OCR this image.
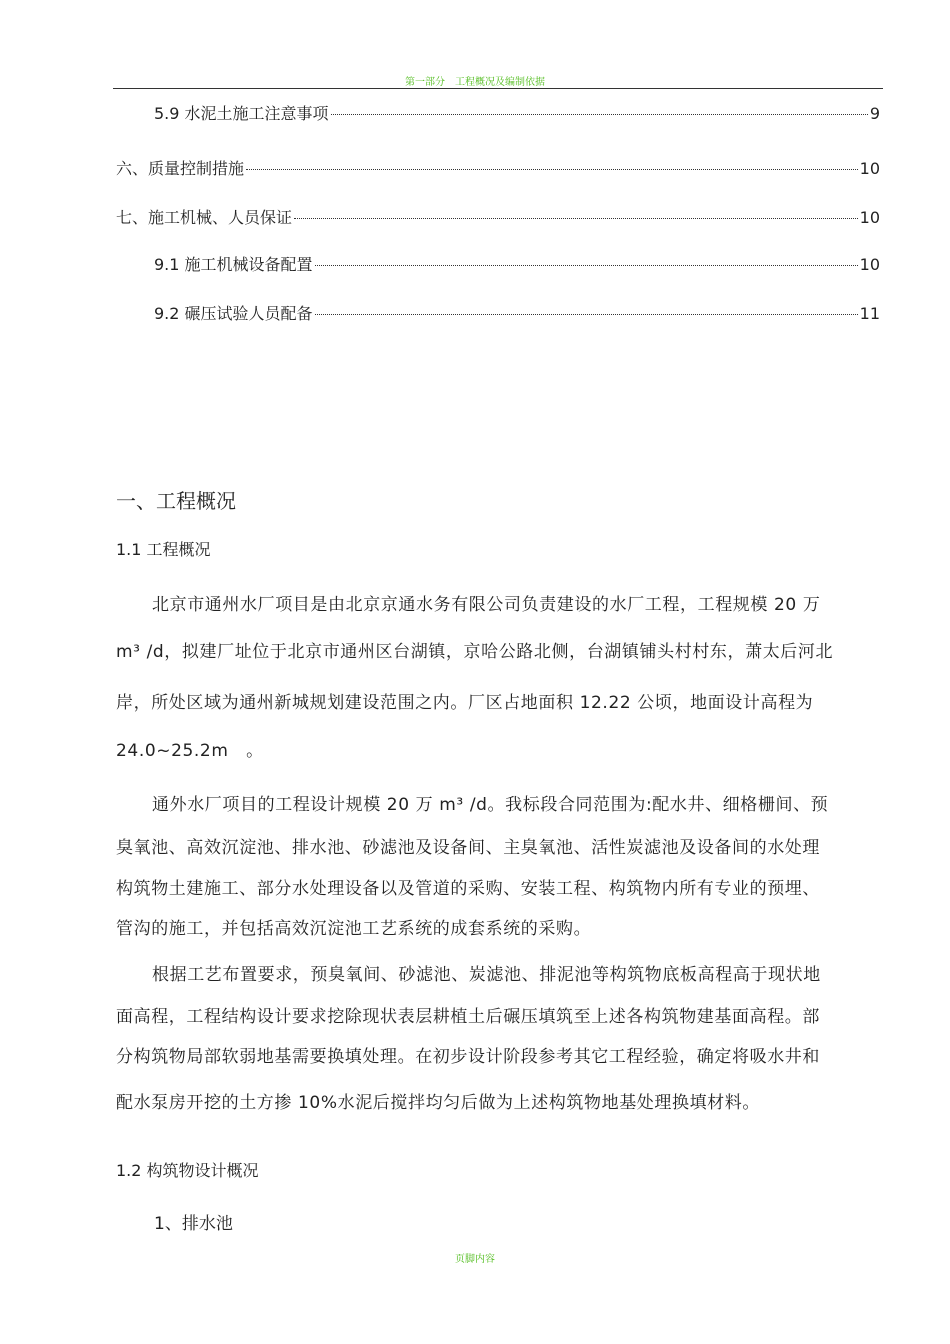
第一部分　工程概况及编制依据
5.9 水泥土施工注意事项	9
六、质量控制措施	10
七、施工机械、人员保证	10
9.1 施工机械设备配置	10
9.2 碾压试验人员配备	11
一、工程概况
1.1 工程概况
北京市通州水厂项目是由北京京通水务有限公司负责建设的水厂工程，工程规模 20 万
m³ /d，拟建厂址位于北京市通州区台湖镇，京哈公路北侧，台湖镇铺头村村东，萧太后河北
岸，所处区域为通州新城规划建设范围之内。厂区占地面积 12.22 公顷，地面设计高程为
24.0~25.2m　。
通外水厂项目的工程设计规模 20 万 m³ /d。我标段合同范围为:配水井、细格栅间、预
臭氧池、高效沉淀池、排水池、砂滤池及设备间、主臭氧池、活性炭滤池及设备间的水处理
构筑物土建施工、部分水处理设备以及管道的采购、安装工程、构筑物内所有专业的预埋、
管沟的施工，并包括高效沉淀池工艺系统的成套系统的采购。
根据工艺布置要求，预臭氧间、砂滤池、炭滤池、排泥池等构筑物底板高程高于现状地
面高程，工程结构设计要求挖除现状表层耕植土后碾压填筑至上述各构筑物建基面高程。部
分构筑物局部软弱地基需要换填处理。在初步设计阶段参考其它工程经验，确定将吸水井和
配水泵房开挖的土方掺 10%水泥后搅拌均匀后做为上述构筑物地基处理换填材料。
1.2 构筑物设计概况
1、排水池
页脚内容
